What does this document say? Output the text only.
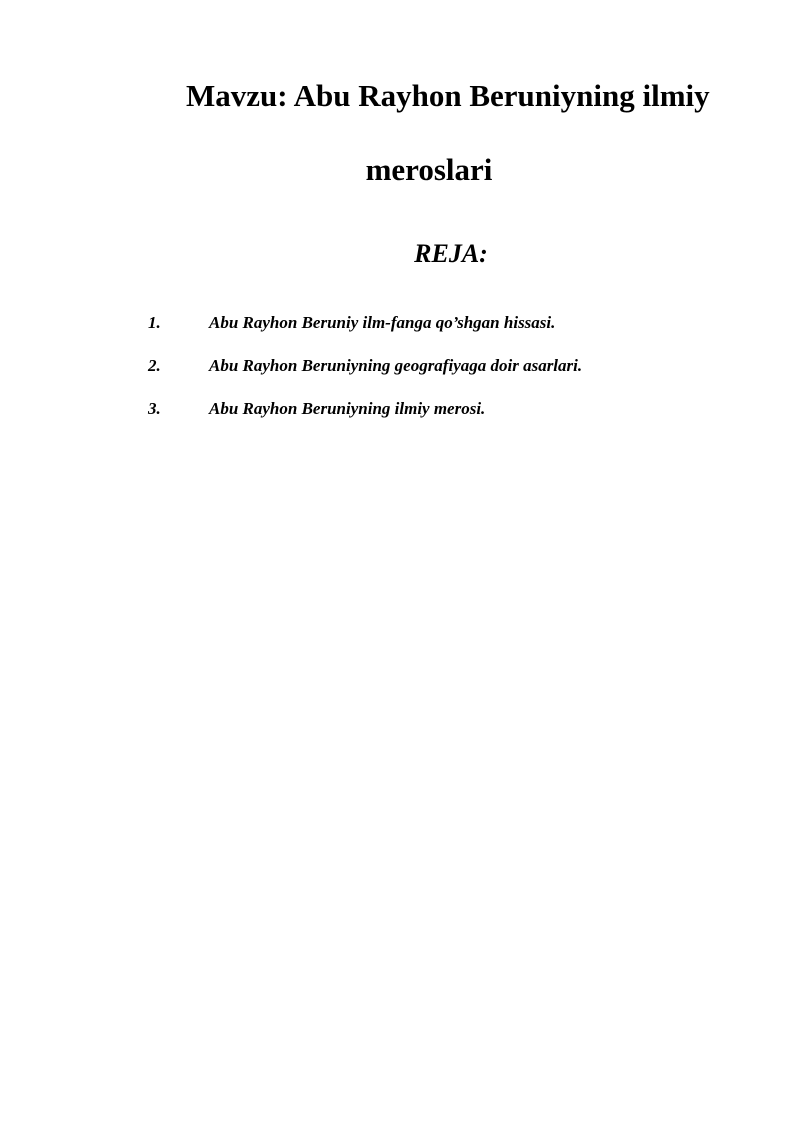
Mavzu: Abu Rayhon Beruniyning ilmiy
meroslari
REJA:
1.	Abu Rayhon Beruniy ilm-fanga qo’shgan hissasi.
2.	Abu Rayhon Beruniyning geografiyaga doir asarlari.
3.	Abu Rayhon Beruniyning ilmiy merosi.
